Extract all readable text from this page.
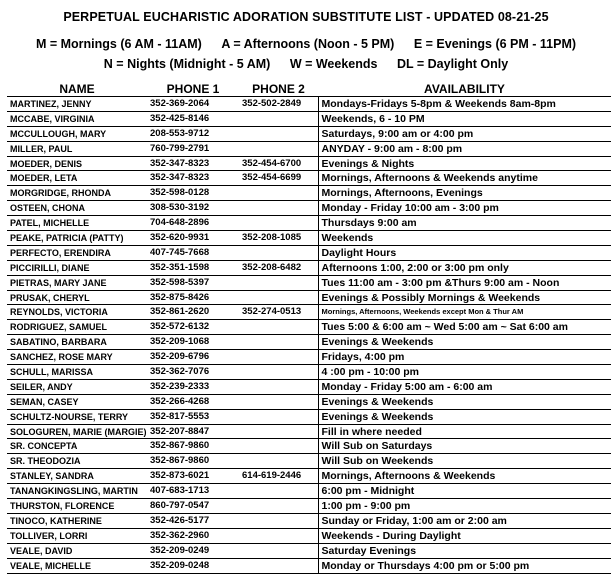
PERPETUAL EUCHARISTIC ADORATION SUBSTITUTE LIST - UPDATED 08-21-25
M = Mornings (6 AM - 11AM) A = Afternoons (Noon - 5 PM) E = Evenings (6 PM - 11PM)
N = Nights (Midnight - 5 AM) W = Weekends DL = Daylight Only
NAME	PHONE 1	PHONE 2	AVAILABILITY
MARTINEZ, JENNY	352-369-2064	352-502-2849	Mondays-Fridays 5-8pm & Weekends 8am-8pm
MCCABE, VIRGINIA	352-425-8146		Weekends, 6 - 10 PM
MCCULLOUGH, MARY	208-553-9712		Saturdays, 9:00 am or 4:00 pm
MILLER, PAUL	760-799-2791		ANYDAY - 9:00 am - 8:00 pm
MOEDER, DENIS	352-347-8323	352-454-6700	Evenings & Nights
MOEDER, LETA	352-347-8323	352-454-6699	Mornings, Afternoons & Weekends anytime
MORGRIDGE, RHONDA	352-598-0128		Mornings, Afternoons, Evenings
OSTEEN, CHONA	308-530-3192		Monday - Friday 10:00 am - 3:00 pm
PATEL, MICHELLE	704-648-2896		Thursdays 9:00 am
PEAKE, PATRICIA (PATTY)	352-620-9931	352-208-1085	Weekends
PERFECTO, ERENDIRA	407-745-7668		Daylight Hours
PICCIRILLI, DIANE	352-351-1598	352-208-6482	Afternoons 1:00, 2:00 or 3:00 pm only
PIETRAS, MARY JANE	352-598-5397		Tues 11:00 am - 3:00 pm &Thurs 9:00 am - Noon
PRUSAK, CHERYL	352-875-8426		Evenings & Possibly Mornings & Weekends
REYNOLDS, VICTORIA	352-861-2620	352-274-0513	Mornings, Afternoons, Weekends except Mon & Thur AM
RODRIGUEZ, SAMUEL	352-572-6132		Tues 5:00 & 6:00 am ~ Wed 5:00 am ~ Sat 6:00 am
SABATINO, BARBARA	352-209-1068		Evenings & Weekends
SANCHEZ, ROSE MARY	352-209-6796		Fridays, 4:00 pm
SCHULL, MARISSA	352-362-7076		4 :00 pm - 10:00 pm
SEILER, ANDY	352-239-2333		Monday - Friday 5:00 am - 6:00 am
SEMAN, CASEY	352-266-4268		Evenings & Weekends
SCHULTZ-NOURSE, TERRY	352-817-5553		Evenings & Weekends
SOLOGUREN, MARIE (MARGIE)	352-207-8847		Fill in where needed
SR. CONCEPTA	352-867-9860		Will Sub on Saturdays
SR. THEODOZIA	352-867-9860		Will Sub on Weekends
STANLEY, SANDRA	352-873-6021	614-619-2446	Mornings, Afternoons & Weekends
TANANGKINGSLING, MARTIN	407-683-1713		6:00 pm - Midnight
THURSTON, FLORENCE	860-797-0547		1:00 pm - 9:00 pm
TINOCO, KATHERINE	352-426-5177		Sunday or Friday, 1:00 am or 2:00 am
TOLLIVER, LORRI	352-362-2960		Weekends - During Daylight
VEALE, DAVID	352-209-0249		Saturday Evenings
VEALE, MICHELLE	352-209-0248		Monday or Thursdays 4:00 pm or 5:00 pm
